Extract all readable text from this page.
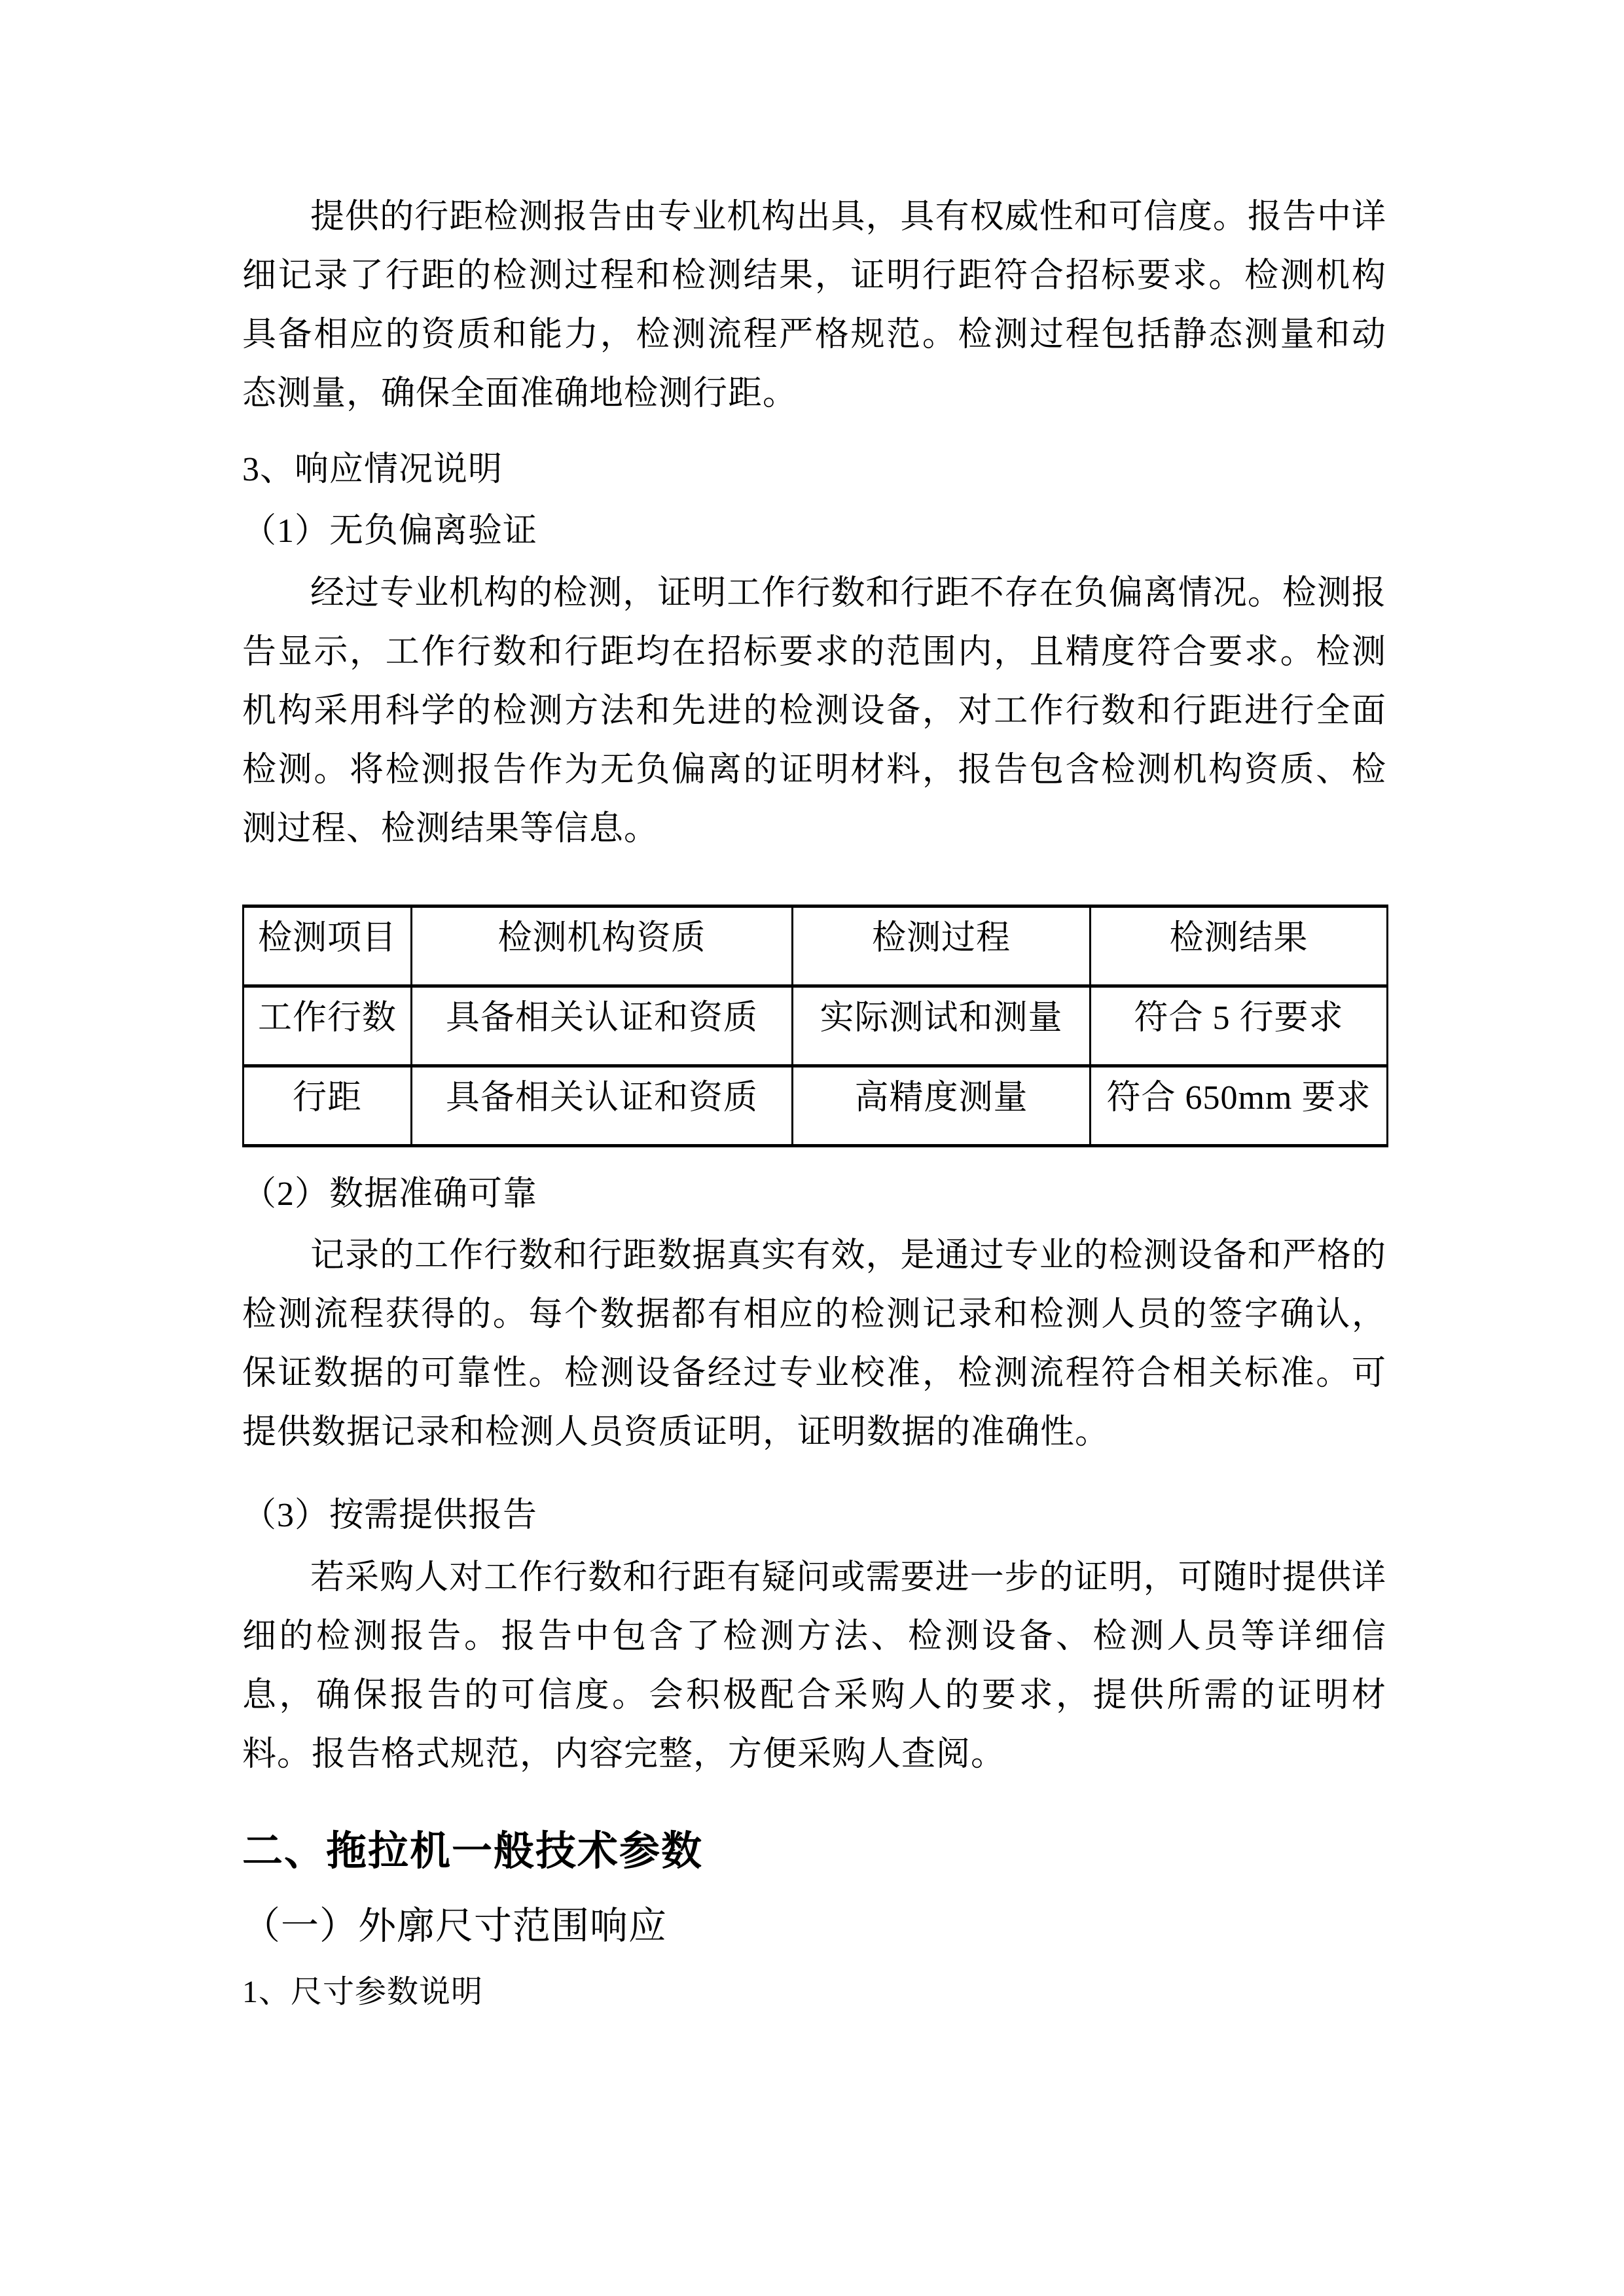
提供的行距检测报告由专业机构出具，具有权威性和可信度。报告中详细记录了行距的检测过程和检测结果，证明行距符合招标要求。检测机构具备相应的资质和能力，检测流程严格规范。检测过程包括静态测量和动态测量，确保全面准确地检测行距。

3、响应情况说明

（1）无负偏离验证

经过专业机构的检测，证明工作行数和行距不存在负偏离情况。检测报告显示，工作行数和行距均在招标要求的范围内，且精度符合要求。检测机构采用科学的检测方法和先进的检测设备，对工作行数和行距进行全面检测。将检测报告作为无负偏离的证明材料，报告包含检测机构资质、检测过程、检测结果等信息。

检测项目	检测机构资质	检测过程	检测结果
工作行数	具备相关认证和资质	实际测试和测量	符合 5 行要求
行距	具备相关认证和资质	高精度测量	符合 650mm 要求

（2）数据准确可靠

记录的工作行数和行距数据真实有效，是通过专业的检测设备和严格的检测流程获得的。每个数据都有相应的检测记录和检测人员的签字确认，保证数据的可靠性。检测设备经过专业校准，检测流程符合相关标准。可提供数据记录和检测人员资质证明，证明数据的准确性。

（3）按需提供报告

若采购人对工作行数和行距有疑问或需要进一步的证明，可随时提供详细的检测报告。报告中包含了检测方法、检测设备、检测人员等详细信息，确保报告的可信度。会积极配合采购人的要求，提供所需的证明材料。报告格式规范，内容完整，方便采购人查阅。

二、拖拉机一般技术参数

（一）外廓尺寸范围响应

1、尺寸参数说明
